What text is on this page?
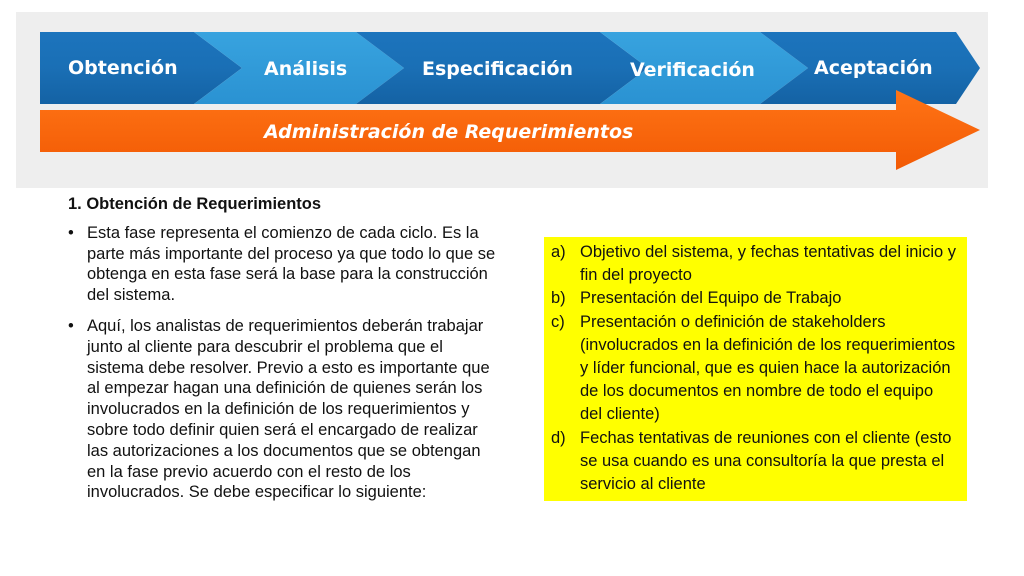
Obtención	Análisis	Especificación	Verificación	Aceptación
Administración de Requerimientos
1. Obtención de Requerimientos
• Esta fase representa el comienzo de cada ciclo. Es la parte más importante del proceso ya que todo lo que se obtenga en esta fase será la base para la construcción del sistema.
• Aquí, los analistas de requerimientos deberán trabajar junto al cliente para descubrir el problema que el sistema debe resolver. Previo a esto es importante que al empezar hagan una definición de quienes serán los involucrados en la definición de los requerimientos y sobre todo definir quien será el encargado de realizar las autorizaciones a los documentos que se obtengan en la fase previo acuerdo con el resto de los involucrados. Se debe especificar lo siguiente:
a) Objetivo del sistema, y fechas tentativas del inicio y fin del proyecto
b) Presentación del Equipo de Trabajo
c) Presentación o definición de stakeholders (involucrados en la definición de los requerimientos y líder funcional, que es quien hace la autorización de los documentos en nombre de todo el equipo del cliente)
d) Fechas tentativas de reuniones con el cliente (esto se usa cuando es una consultoría la que presta el servicio al cliente
